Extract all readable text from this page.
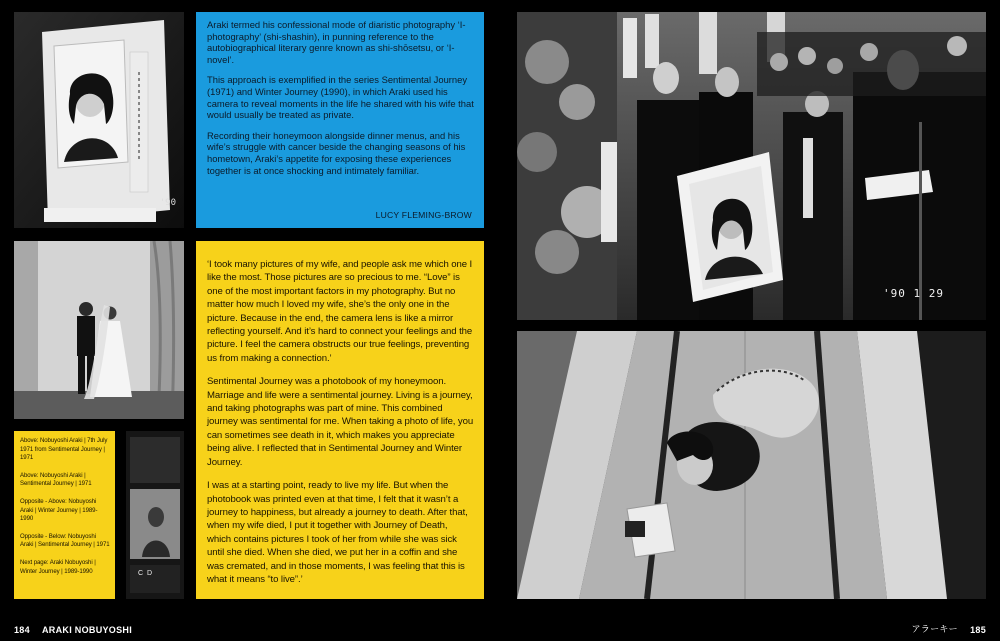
'90

Above: Nobuyoshi Araki | 7th July 1971 from Sentimental Journey | 1971

Above: Nobuyoshi Araki | Sentimental Journey | 1971

Opposite - Above: Nobuyoshi Araki | Winter Journey | 1989-1990

Opposite - Below: Nobuyoshi Araki | Sentimental Journey | 1971

Next page: Araki Nobuyoshi | Winter Journey | 1989-1990	C  D

Araki termed his confessional mode of diaristic photography ‘I-photography’ (shi-shashin), in punning reference to the autobiographical literary genre known as shi-shōsetsu, or ‘I-novel’.

This approach is exemplified in the series Sentimental Journey (1971) and Winter Journey (1990), in which Araki used his camera to reveal moments in the life he shared with his wife that would usually be treated as private.

Recording their honeymoon alongside dinner menus, and his wife’s struggle with cancer beside the changing seasons of his hometown, Araki’s appetite for exposing these experiences together is at once shocking and intimately familiar.

LUCY FLEMING-BROW

‘I took many pictures of my wife, and people ask me which one I like the most. Those pictures are so precious to me. “Love” is one of the most important factors in my photography. But no matter how much I loved my wife, she’s the only one in the picture. Because in the end, the camera lens is like a mirror reflecting yourself. And it’s hard to connect your feelings and the picture. I feel the camera obstructs our true feelings, preventing us from making a connection.’

Sentimental Journey was a photobook of my honeymoon. Marriage and life were a sentimental journey. Living is a journey, and taking photographs was part of mine. This combined journey was sentimental for me. When taking a photo of life, you can sometimes see death in it, which makes you appreciate being alive. I reflected that in Sentimental Journey and Winter Journey.

I was at a starting point, ready to live my life. But when the photobook was printed even at that time, I felt that it wasn’t a journey to happiness, but already a journey to death. After that, when my wife died, I put it together with Journey of Death, which contains pictures I took of her from while she was sick until she died. When she died, we put her in a coffin and she was cremated, and in those moments, I was feeling that this is what it means “to live”.’

'90 1 29
184 ARAKI NOBUYOSHI	アラーキー 185
